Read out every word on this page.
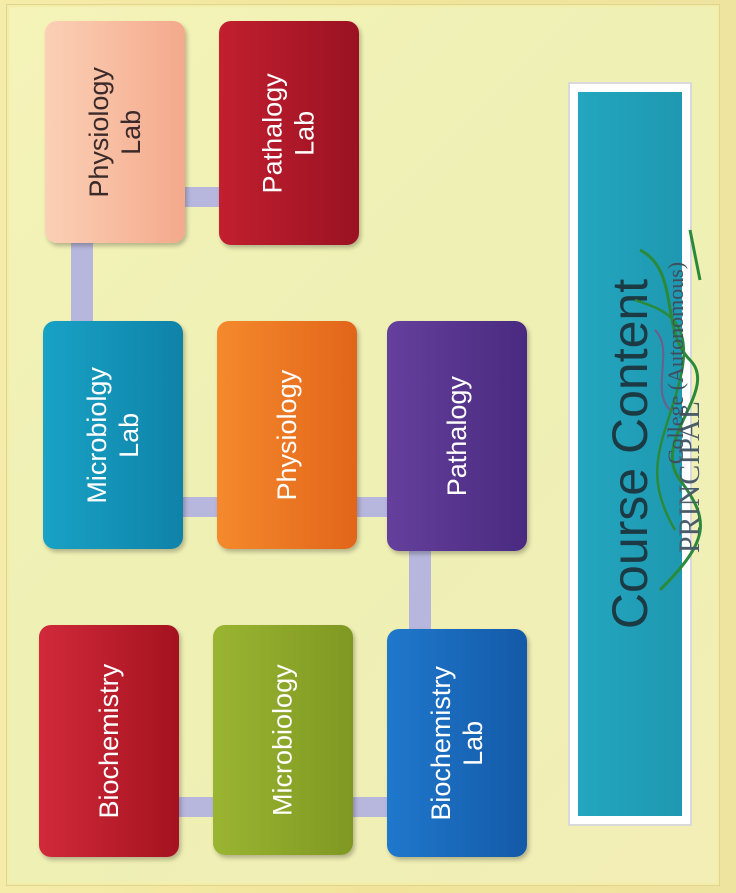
Physiology
Lab
Microbiolgy
Lab
Biochemistry
Pathalogy
Lab
Physiology
Microbiology
Pathalogy
Biochemistry
Lab
Course Content PRINCIPAL
College (Autonomous)
